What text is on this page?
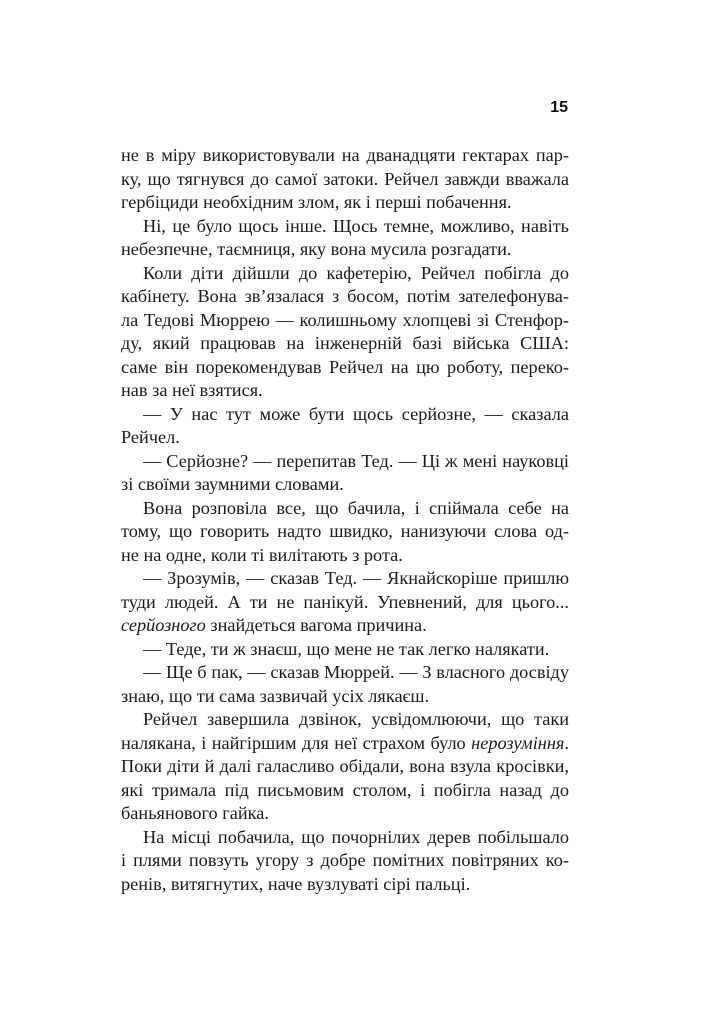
15

не в міру використовували на дванадцяти гектарах пар-

ку, що тягнувся до самої затоки. Рейчел завжди вважала

гербіциди необхідним злом, як і перші побачення.

Ні, це було щось інше. Щось темне, можливо, навіть

небезпечне, таємниця, яку вона мусила розгадати.

Коли діти дійшли до кафетерію, Рейчел побігла до

кабінету. Вона зв’язалася з босом, потім зателефонува-

ла Тедові Мюррею — колишньому хлопцеві зі Стенфор-

ду, який працював на інженерній базі війська США:

саме він порекомендував Рейчел на цю роботу, переко-

нав за неї взятися.

— У нас тут може бути щось серйозне, — сказала

Рейчел.

— Серйозне? — перепитав Тед. — Ці ж мені науковці

зі своїми заумними словами.

Вона розповіла все, що бачила, і спіймала себе на

тому, що говорить надто швидко, нанизуючи слова од-

не на одне, коли ті вилітають з рота.

— Зрозумів, — сказав Тед. — Якнайскоріше пришлю

туди людей. А ти не панікуй. Упевнений, для цього...

серйозного знайдеться вагома причина.

— Теде, ти ж знаєш, що мене не так легко налякати.

— Ще б пак, — сказав Мюррей. — З власного досвіду

знаю, що ти сама зазвичай усіх лякаєш.

Рейчел завершила дзвінок, усвідомлюючи, що таки

налякана, і найгіршим для неї страхом було нерозуміння.

Поки діти й далі галасливо обідали, вона взула кросівки,

які тримала під письмовим столом, і побігла назад до

баньянового гайка.

На місці побачила, що почорнілих дерев побільшало

і плями повзуть угору з добре помітних повітряних ко-

ренів, витягнутих, наче вузлуваті сірі пальці.
